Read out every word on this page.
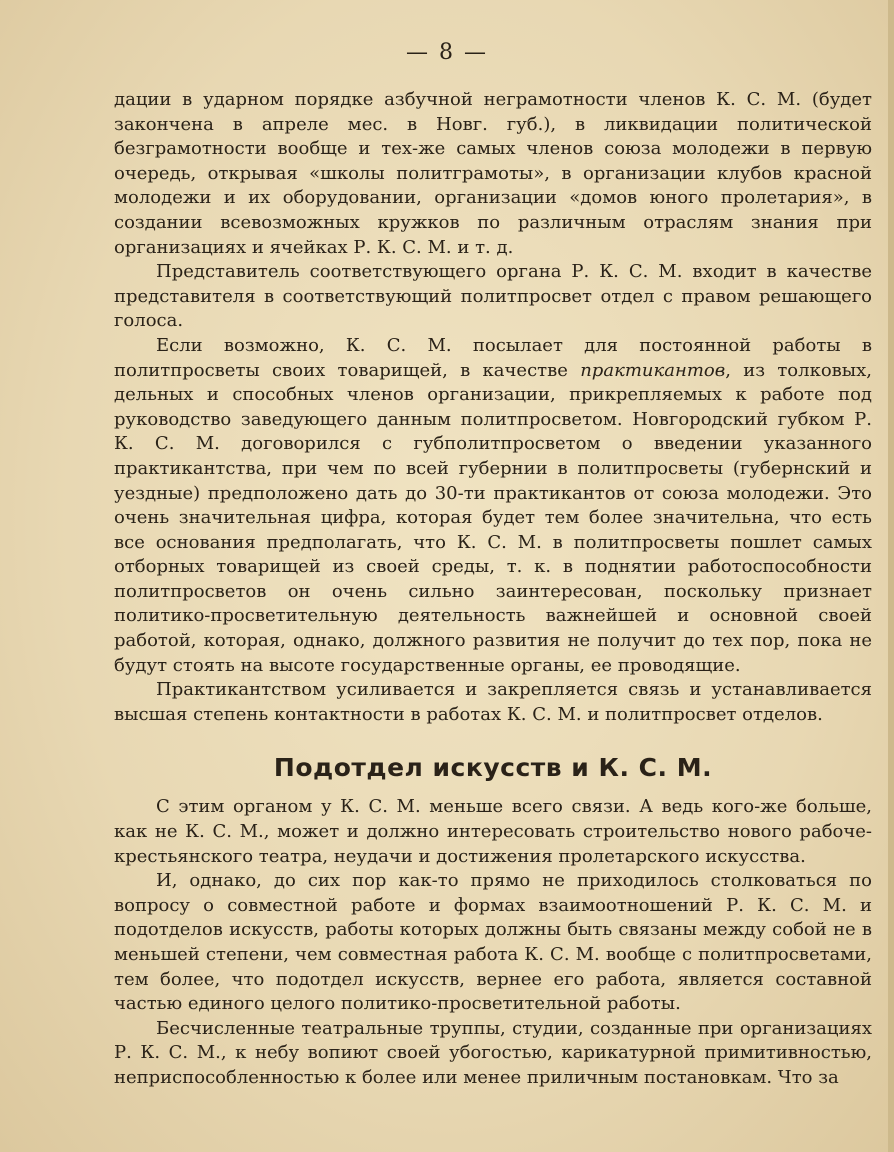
— 8 —

дации в ударном порядке азбучной неграмотности членов К. С. М. (будет закончена в апреле мес. в Новг. губ.), в ликвидации политической безграмотности вообще и тех-же самых членов союза молодежи в первую очередь, открывая «школы политграмоты», в организации клубов красной молодежи и их оборудовании, организации «домов юного пролетария», в создании всевозможных кружков по различным отраслям знания при организациях и ячейках Р. К. С. М. и т. д.

Представитель соответствующего органа Р. К. С. М. входит в качестве представителя в соответствующий политпросвет отдел с правом решающего голоса.

Если возможно, К. С. М. посылает для постоянной работы в политпросветы своих товарищей, в качестве практикантов, из толковых, дельных и способных членов организации, прикрепляемых к работе под руководство заведующего данным политпросветом. Новгородский губком Р. К. С. М. договорился с губполитпросветом о введении указанного практикантства, при чем по всей губернии в политпросветы (губернский и уездные) предположено дать до 30-ти практикантов от союза молодежи. Это очень значительная цифра, которая будет тем более значительна, что есть все основания предполагать, что К. С. М. в политпросветы пошлет самых отборных товарищей из своей среды, т. к. в поднятии работоспособности политпросветов он очень сильно заинтересован, поскольку признает политико-просветительную деятельность важнейшей и основной своей работой, которая, однако, должного развития не получит до тех пор, пока не будут стоять на высоте государственные органы, ее проводящие.

Практикантством усиливается и закрепляется связь и устанавливается высшая степень контактности в работах К. С. М. и политпросвет отделов.

Подотдел искусств и К. С. М.

С этим органом у К. С. М. меньше всего связи. А ведь кого-же больше, как не К. С. М., может и должно интересовать строительство нового рабоче-крестьянского театра, неудачи и достижения пролетарского искусства.

И, однако, до сих пор как-то прямо не приходилось столковаться по вопросу о совместной работе и формах взаимоотношений Р. К. С. М. и подотделов искусств, работы которых должны быть связаны между собой не в меньшей степени, чем совместная работа К. С. М. вообще с политпросветами, тем более, что подотдел искусств, вернее его работа, является составной частью единого целого политико-просветительной работы.

Бесчисленные театральные труппы, студии, созданные при организациях Р. К. С. М., к небу вопиют своей убогостью, карикатурной примитивностью, неприспособленностью к более или менее приличным постановкам. Что за
